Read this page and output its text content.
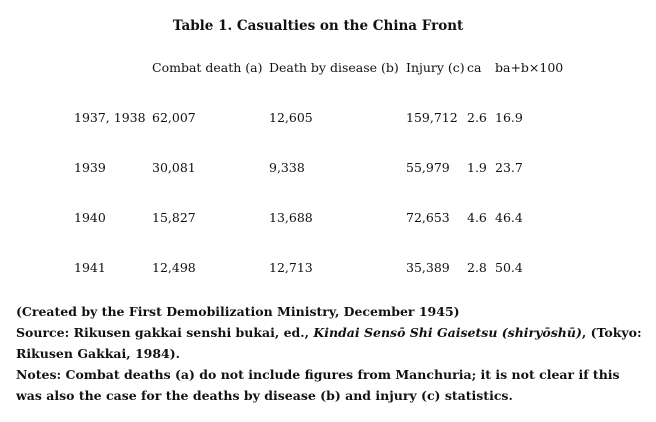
Table 1. Casualties on the China Front
Combat death (a) Death by disease (b) Injury (c) ca ba+b×100
1937, 1938 62,007	12,605	159,712 2.6 16.9
1939	30,081	9,338	55,979 1.9 23.7
1940	15,827	13,688	72,653 4.6 46.4
1941	12,498	12,713	35,389 2.8 50.4

(Created by the First Demobilization Ministry, December 1945)

Source: Rikusen gakkai senshi bukai, ed., Kindai Sensō Shi Gaisetsu (shiryōshū), (Tokyo: Rikusen Gakkai, 1984).

Notes: Combat deaths (a) do not include figures from Manchuria; it is not clear if this was also the case for the deaths by disease (b) and injury (c) statistics.
